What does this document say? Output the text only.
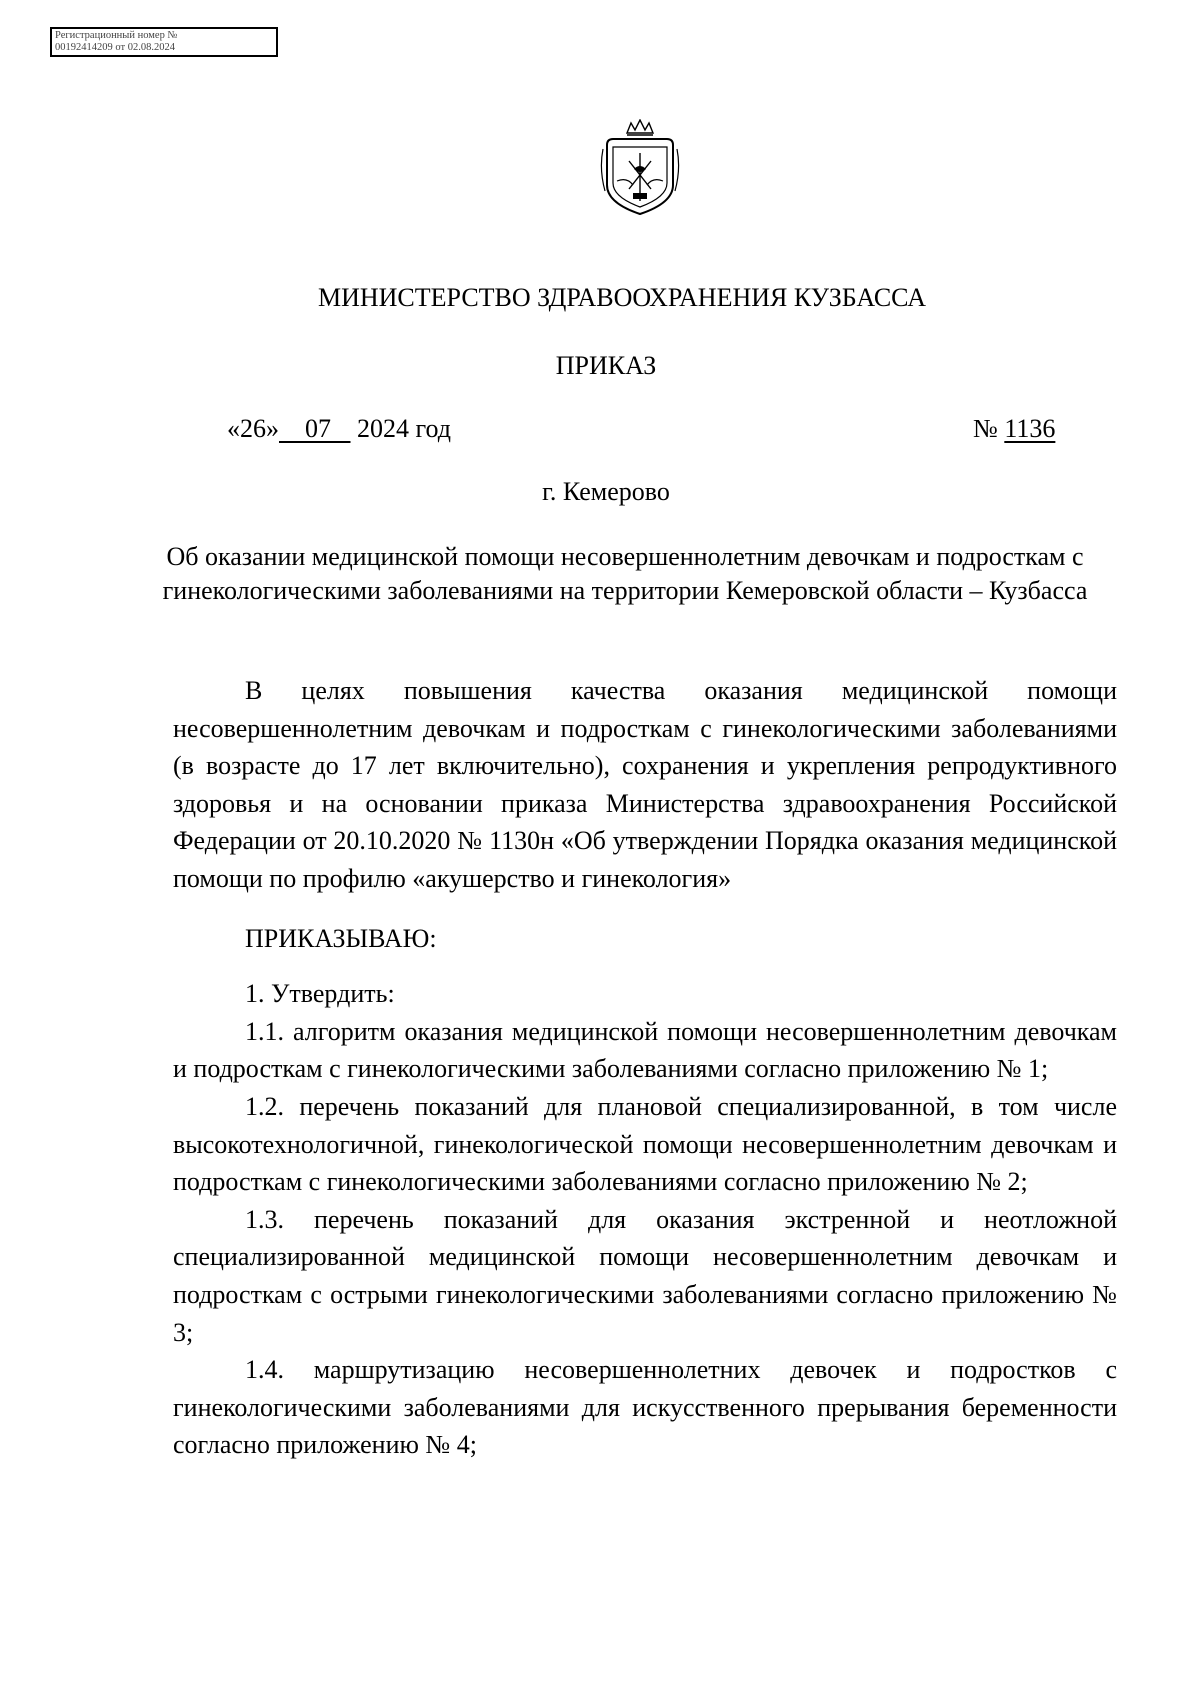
Регистрационный номер №
00192414209 от 02.08.2024
МИНИСТЕРСТВО ЗДРАВООХРАНЕНИЯ КУЗБАССА
ПРИКАЗ
«26» 07 2024 год	№ 1136
г. Кемерово
Об оказании медицинской помощи несовершеннолетним девочкам и подросткам с гинекологическими заболеваниями на территории Кемеровской области – Кузбасса

В целях повышения качества оказания медицинской помощи несовершеннолетним девочкам и подросткам с гинекологическими заболеваниями (в возрасте до 17 лет включительно), сохранения и укрепления репродуктивного здоровья и на основании приказа Министерства здравоохранения Российской Федерации от 20.10.2020 № 1130н «Об утверждении Порядка оказания медицинской помощи по профилю «акушерство и гинекология»

ПРИКАЗЫВАЮ:

1. Утвердить:

1.1. алгоритм оказания медицинской помощи несовершеннолетним девочкам и подросткам с гинекологическими заболеваниями согласно приложению № 1;

1.2. перечень показаний для плановой специализированной, в том числе высокотехнологичной, гинекологической помощи несовершеннолетним девочкам и подросткам с гинекологическими заболеваниями согласно приложению № 2;

1.3. перечень показаний для оказания экстренной и неотложной специализированной медицинской помощи несовершеннолетним девочкам и подросткам с острыми гинекологическими заболеваниями согласно приложению № 3;

1.4. маршрутизацию несовершеннолетних девочек и подростков с гинекологическими заболеваниями для искусственного прерывания беременности согласно приложению № 4;
